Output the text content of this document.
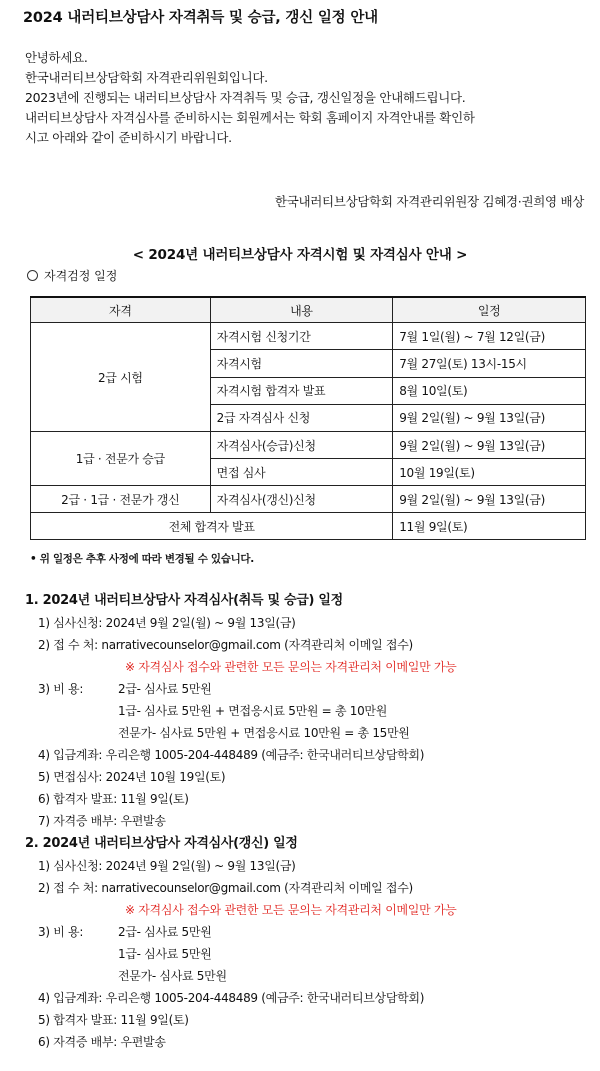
2024 내러티브상담사 자격취득 및 승급, 갱신 일정 안내
안녕하세요.
한국내러티브상담학회 자격관리위원회입니다.
2023년에 진행되는 내러티브상담사 자격취득 및 승급, 갱신일정을 안내해드립니다.
내러티브상담사 자격심사를 준비하시는 회원께서는 학회 홈페이지 자격안내를 확인하
시고 아래와 같이 준비하시기 바랍니다.
한국내러티브상담학회 자격관리위원장 김혜경·권희영 배상
< 2024년 내러티브상담사 자격시험 및 자격심사 안내 >
자격검정 일정
자격	내용	일정
2급 시험	자격시험 신청기간	7월 1일(월) ~ 7월 12일(금)
	자격시험	7월 27일(토) 13시-15시
	자격시험 합격자 발표	8월 10일(토)
	2급 자격심사 신청	9월 2일(월) ~ 9월 13일(금)
1급 · 전문가 승급	자격심사(승급)신청	9월 2일(월) ~ 9월 13일(금)
	면접 심사	10월 19일(토)
2급 · 1급 · 전문가 갱신	자격심사(갱신)신청	9월 2일(월) ~ 9월 13일(금)
전체 합격자 발표		11월 9일(토)
• 위 일정은 추후 사정에 따라 변경될 수 있습니다.
1. 2024년 내러티브상담사 자격심사(취득 및 승급) 일정
1) 심사신청: 2024년 9월 2일(월) ~ 9월 13일(금)
2) 접 수 처: narrativecounselor@gmail.com (자격관리처 이메일 접수)
※ 자격심사 접수와 관련한 모든 문의는 자격관리처 이메일만 가능
3) 비 용:	2급- 심사료 5만원
1급- 심사료 5만원 + 면접응시료 5만원 = 총 10만원
전문가- 심사료 5만원 + 면접응시료 10만원 = 총 15만원
4) 입금계좌: 우리은행 1005-204-448489 (예금주: 한국내러티브상담학회)
5) 면접심사: 2024년 10월 19일(토)
6) 합격자 발표: 11월 9일(토)
7) 자격증 배부: 우편발송
2. 2024년 내러티브상담사 자격심사(갱신) 일정
1) 심사신청: 2024년 9월 2일(월) ~ 9월 13일(금)
2) 접 수 처: narrativecounselor@gmail.com (자격관리처 이메일 접수)
※ 자격심사 접수와 관련한 모든 문의는 자격관리처 이메일만 가능
3) 비 용:	2급- 심사료 5만원
1급- 심사료 5만원
전문가- 심사료 5만원
4) 입금계좌: 우리은행 1005-204-448489 (예금주: 한국내러티브상담학회)
5) 합격자 발표: 11월 9일(토)
6) 자격증 배부: 우편발송
